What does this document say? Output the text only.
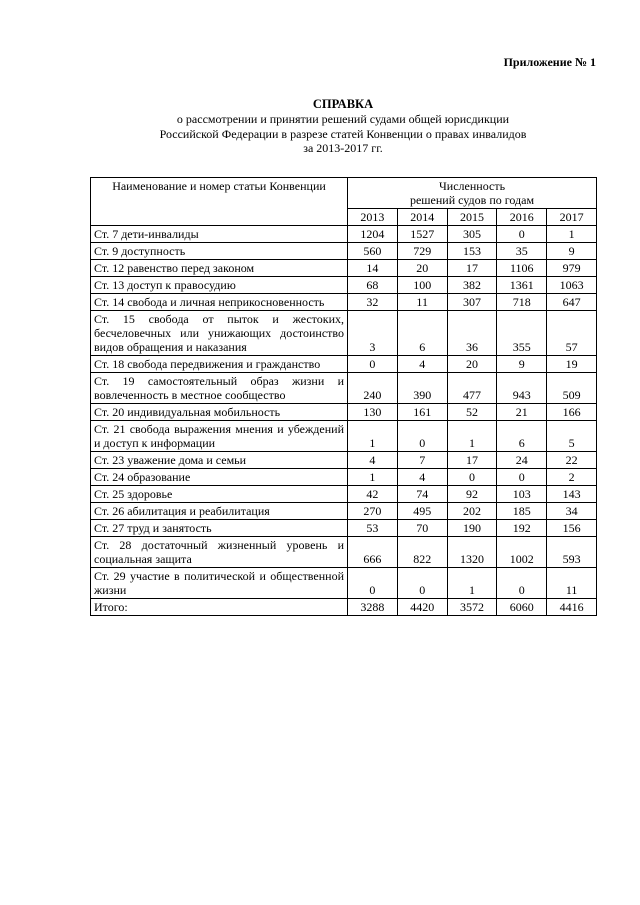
Приложение № 1
СПРАВКА
о рассмотрении и принятии решений судами общей юрисдикции
Российской Федерации в разрезе статей Конвенции о правах инвалидов
за 2013-2017 гг.
Наименование и номер статьи Конвенции	Численность
решений судов по годам				

	2013	2014	2015	2016	2017
Ст. 7 дети-инвалиды	1204	1527	305	0	1
Ст. 9 доступность	560	729	153	35	9
Ст. 12 равенство перед законом	14	20	17	1106	979
Ст. 13 доступ к правосудию	68	100	382	1361	1063
Ст. 14 свобода и личная неприкосновенность	32	11	307	718	647
Ст. 15 свобода от пыток и жестоких, бесчеловечных или унижающих достоинство видов обращения и наказания	3	6	36	355	57
Ст. 18 свобода передвижения и гражданство	0	4	20	9	19
Ст. 19 самостоятельный образ жизни и вовлеченность в местное сообщество	240	390	477	943	509
Ст. 20 индивидуальная мобильность	130	161	52	21	166
Ст. 21 свобода выражения мнения и убеждений и доступ к информации	1	0	1	6	5
Ст. 23 уважение дома и семьи	4	7	17	24	22
Ст. 24 образование	1	4	0	0	2
Ст. 25 здоровье	42	74	92	103	143
Ст. 26 абилитация и реабилитация	270	495	202	185	34
Ст. 27 труд и занятость	53	70	190	192	156
Ст. 28 достаточный жизненный уровень и социальная защита	666	822	1320	1002	593
Ст. 29 участие в политической и общественной жизни	0	0	1	0	11
Итого:	3288	4420	3572	6060	4416
